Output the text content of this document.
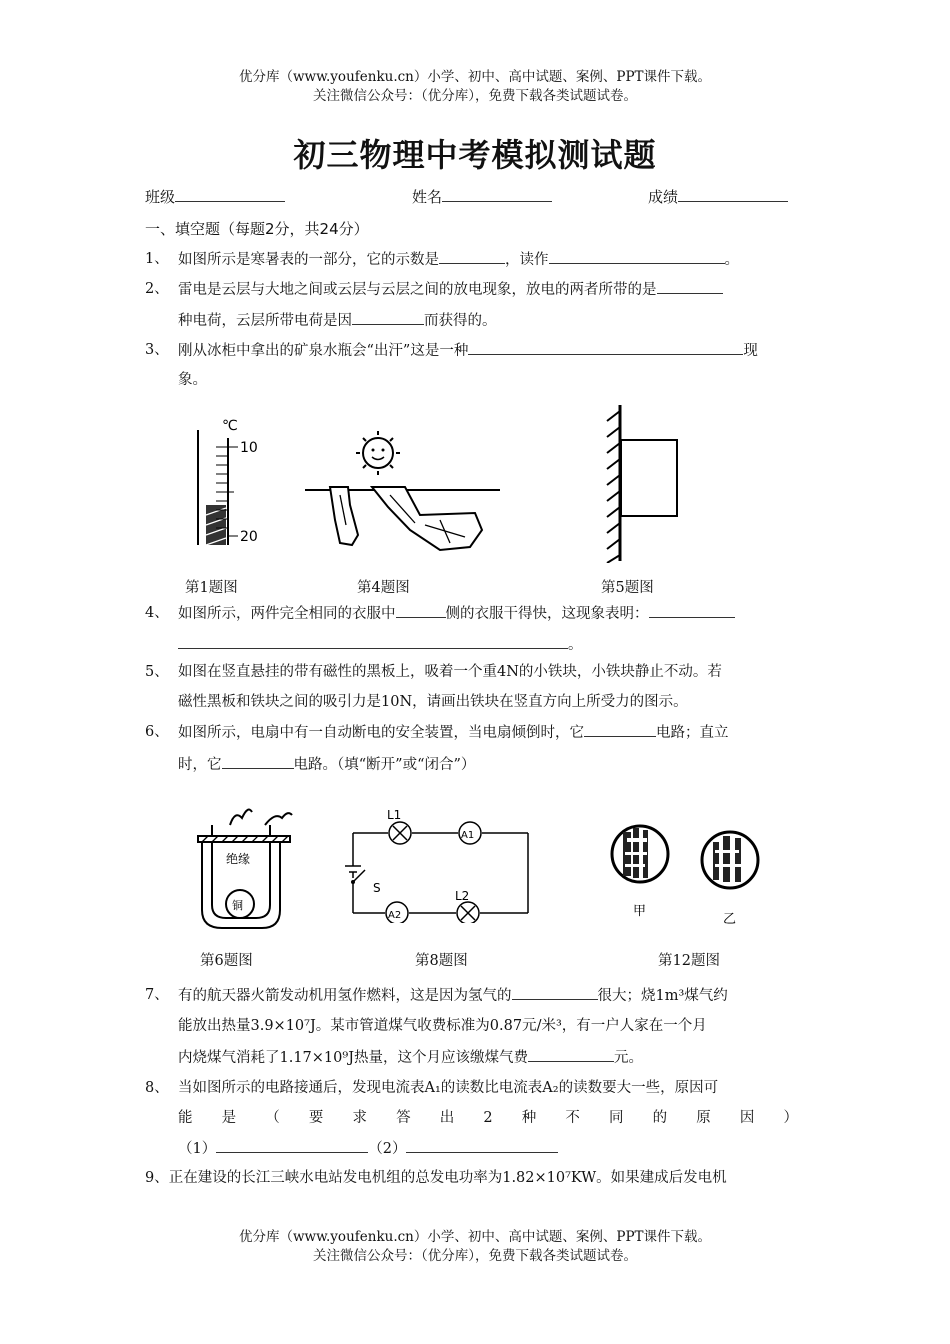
优分库（www.youfenku.cn）小学、初中、高中试题、案例、PPT课件下载。
关注微信公众号：（优分库），免费下载各类试题试卷。
初三物理中考模拟测试题
班级	姓名	成绩
一、填空题（每题2分，共24分）
1、 如图所示是寒暑表的一部分，它的示数是	，读作	。
2、 雷电是云层与大地之间或云层与云层之间的放电现象，放电的两者所带的是
种电荷，云层所带电荷是因	而获得的。
3、 刚从冰柜中拿出的矿泉水瓶会“出汗”这是一种	现
象。
℃
10
20
第1题图	第4题图	第5题图
4、 如图所示，两件完全相同的衣服中	侧的衣服干得快，这现象表明：
。
5、 如图在竖直悬挂的带有磁性的黑板上，吸着一个重4N的小铁块，小铁块静止不动。若
磁性黑板和铁块之间的吸引力是10N，请画出铁块在竖直方向上所受力的图示。
6、 如图所示，电扇中有一自动断电的安全装置，当电扇倾倒时，它	电路；直立
时，它	电路。（填“断开”或“闭合”）
绝缘
铜
L1
A1
A2
L2
S
甲
乙
第6题图	第8题图	第12题图
7、 有的航天器火箭发动机用氢作燃料，这是因为氢气的	很大；烧1m³煤气约
能放出热量3.9×10⁷J。某市管道煤气收费标准为0.87元/米³，有一户人家在一个月
内烧煤气消耗了1.17×10⁹J热量，这个月应该缴煤气费	元。
8、 当如图所示的电路接通后，发现电流表A₁的读数比电流表A₂的读数要大一些，原因可
能是（要求答出2种不同的原因）
（1）	（2）
9、正在建设的长江三峡水电站发电机组的总发电功率为1.82×10⁷KW。如果建成后发电机
优分库（www.youfenku.cn）小学、初中、高中试题、案例、PPT课件下载。
关注微信公众号：（优分库），免费下载各类试题试卷。
